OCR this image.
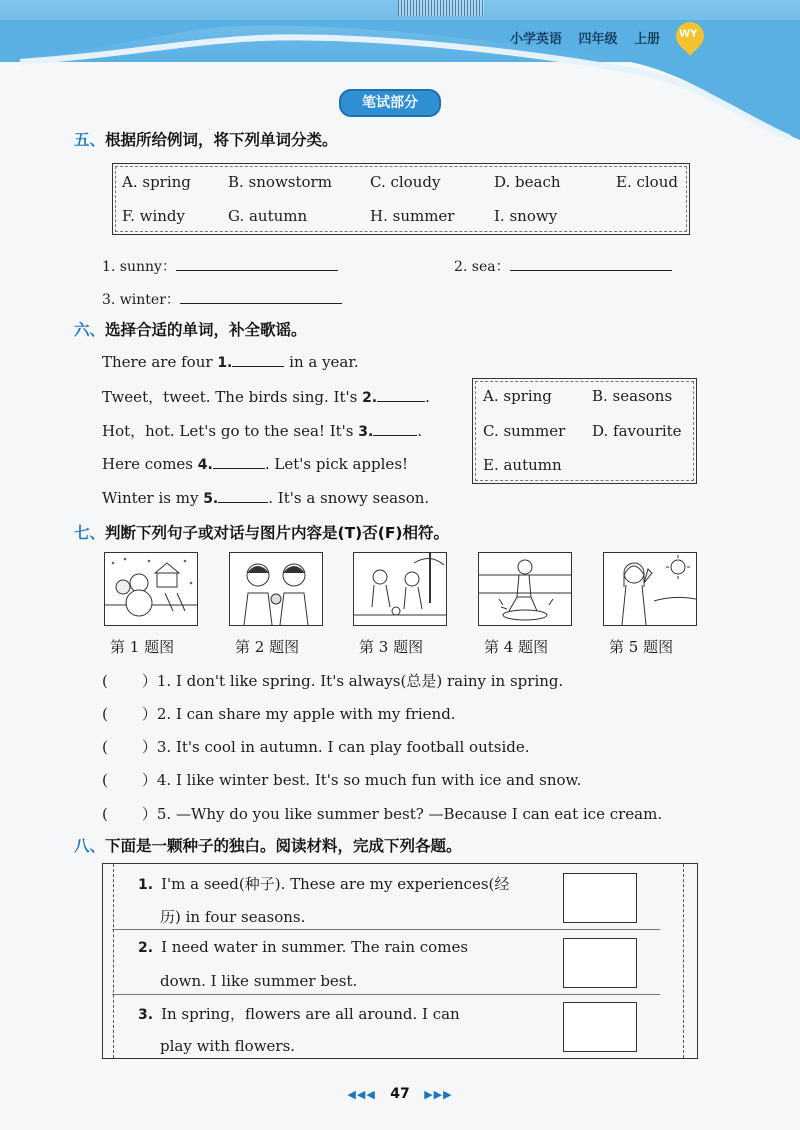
小学英语 四年级 上册	WY
笔试部分
五、根据所给例词，将下列单词分类。
A. spring B. snowstorm	C. cloudy	D. beach	E. cloud
F. windy	G. autumn	H. summer	I. snowy
1. sunny：	2. sea：
3. winter：
六、选择合适的单词，补全歌谣。
There are four 1.	in a year.
Tweet，tweet. The birds sing. It's 2.	.
Hot，hot. Let's go to the sea! It's 3.	.
Here comes 4.	. Let's pick apples!
Winter is my 5.	. It's a snowy season.
A. spring	B. seasons
C. summer D. favourite
E. autumn
七、判断下列句子或对话与图片内容是(T)否(F)相符。
第 1 题图	第 2 题图	第 3 题图	第 4 题图	第 5 题图
( ）1. I don't like spring. It's always(总是) rainy in spring.
( ）2. I can share my apple with my friend.
( ）3. It's cool in autumn. I can play football outside.
( ）4. I like winter best. It's so much fun with ice and snow.
( ）5. —Why do you like summer best? —Because I can eat ice cream.
八、下面是一颗种子的独白。阅读材料，完成下列各题。
1. I'm a seed(种子). These are my experiences(经
历) in four seasons.
2. I need water in summer. The rain comes
down. I like summer best.
3. In spring，flowers are all around. I can
play with flowers.
◀◀◀ 47 ▶▶▶
